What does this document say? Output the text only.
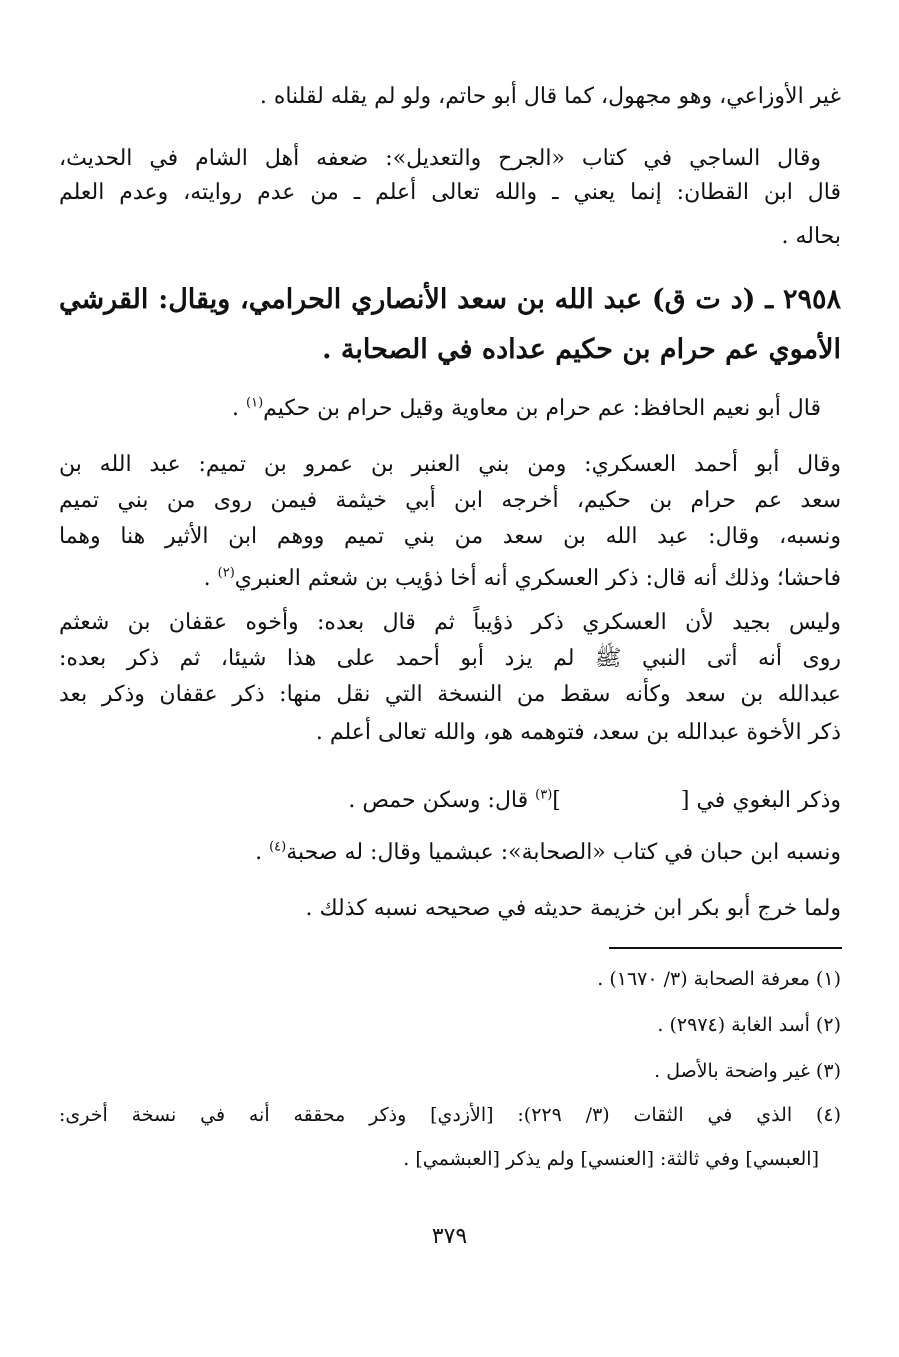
غير الأوزاعي، وهو مجهول، كما قال أبو حاتم، ولو لم يقله لقلناه .
وقال الساجي في كتاب «الجرح والتعديل»: ضعفه أهل الشام في الحديث،
قال ابن القطان: إنما يعني ـ والله تعالى أعلم ـ من عدم روايته، وعدم العلم
بحاله .
٢٩٥٨ ـ (د ت ق) عبد الله بن سعد الأنصاري الحرامي، ويقال: القرشي
الأموي عم حرام بن حكيم عداده في الصحابة .
قال أبو نعيم الحافظ: عم حرام بن معاوية وقيل حرام بن حكيم$^{(١)}$ .
وقال أبو أحمد العسكري: ومن بني العنبر بن عمرو بن تميم: عبد الله بن
سعد عم حرام بن حكيم، أخرجه ابن أبي خيثمة فيمن روى من بني تميم
ونسبه، وقال: عبد الله بن سعد من بني تميم ووهم ابن الأثير هنا وهما
فاحشا؛ وذلك أنه قال: ذكر العسكري أنه أخا ذؤيب بن شعثم العنبري$^{(٢)}$ .
وليس بجيد لأن العسكري ذكر ذؤيباً ثم قال بعده: وأخوه عقفان بن شعثم
روى أنه أتى النبي ﷺ لم يزد أبو أحمد على هذا شيئا، ثم ذكر بعده:
عبدالله بن سعد وكأنه سقط من النسخة التي نقل منها: ذكر عقفان وذكر بعد
ذكر الأخوة عبدالله بن سعد، فتوهمه هو، والله تعالى أعلم .
وذكر البغوي في []$^{(٣)}$ قال: وسكن حمص .
ونسبه ابن حبان في كتاب «الصحابة»: عبشميا وقال: له صحبة$^{(٤)}$ .
ولما خرج أبو بكر ابن خزيمة حديثه في صحيحه نسبه كذلك .
(١) معرفة الصحابة (٣/ ١٦٧٠) .
(٢) أسد الغابة (٢٩٧٤) .
(٣) غير واضحة بالأصل .
(٤) الذي في الثقات (٣/ ٢٢٩): [الأزدي] وذكر محققه أنه في نسخة أخرى:
[العبسي] وفي ثالثة: [العنسي] ولم يذكر [العبشمي] .
٣٧٩
